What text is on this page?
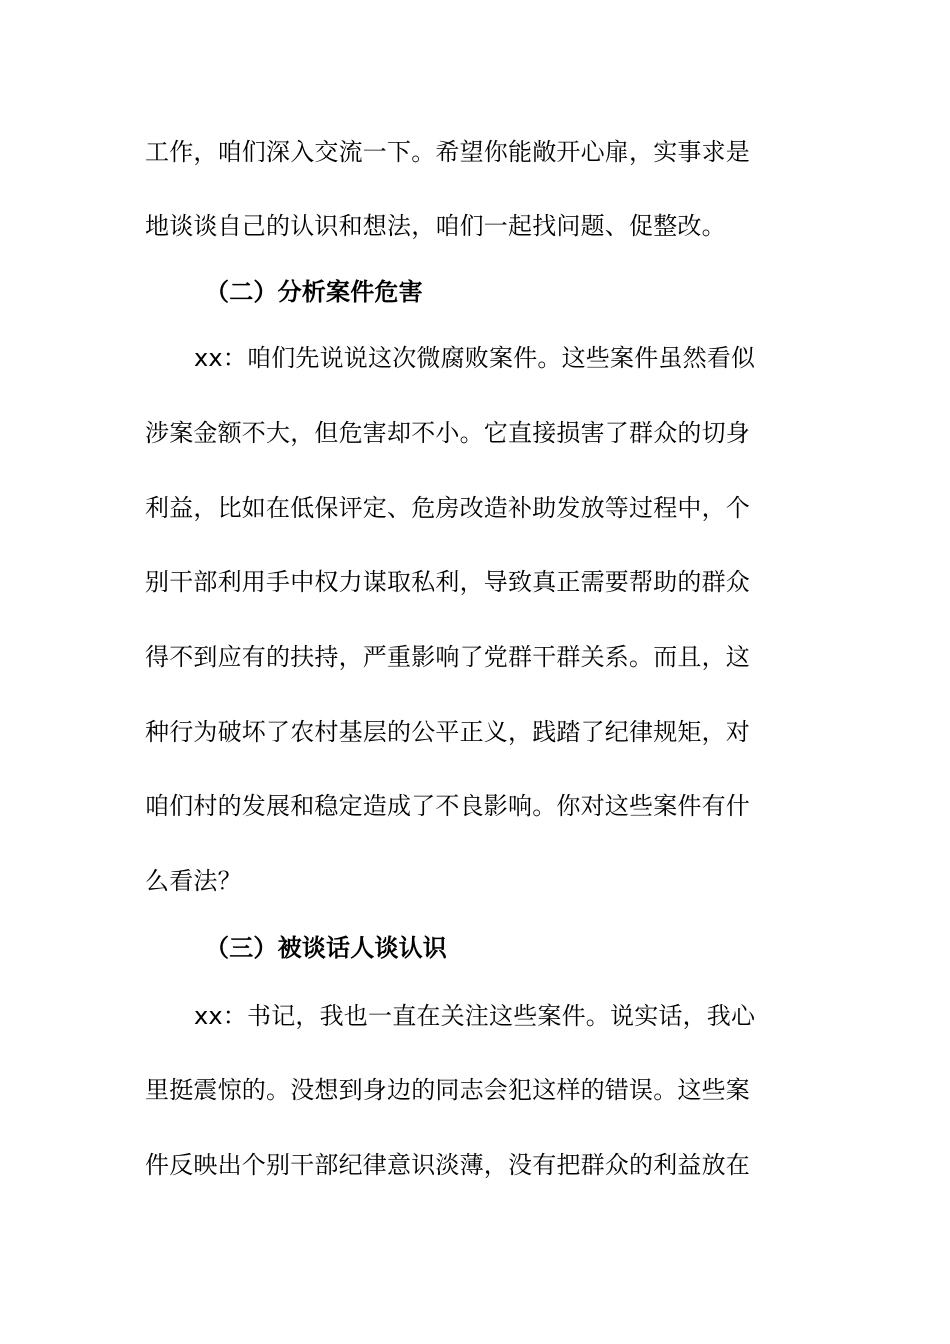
工作，咱们深入交流一下。希望你能敞开心扉，实事求是
地谈谈自己的认识和想法，咱们一起找问题、促整改。
（二）分析案件危害
xx：咱们先说说这次微腐败案件。这些案件虽然看似
涉案金额不大，但危害却不小。它直接损害了群众的切身
利益，比如在低保评定、危房改造补助发放等过程中，个
别干部利用手中权力谋取私利，导致真正需要帮助的群众
得不到应有的扶持，严重影响了党群干群关系。而且，这
种行为破坏了农村基层的公平正义，践踏了纪律规矩，对
咱们村的发展和稳定造成了不良影响。你对这些案件有什
么看法？
（三）被谈话人谈认识
xx：书记，我也一直在关注这些案件。说实话，我心
里挺震惊的。没想到身边的同志会犯这样的错误。这些案
件反映出个别干部纪律意识淡薄，没有把群众的利益放在
